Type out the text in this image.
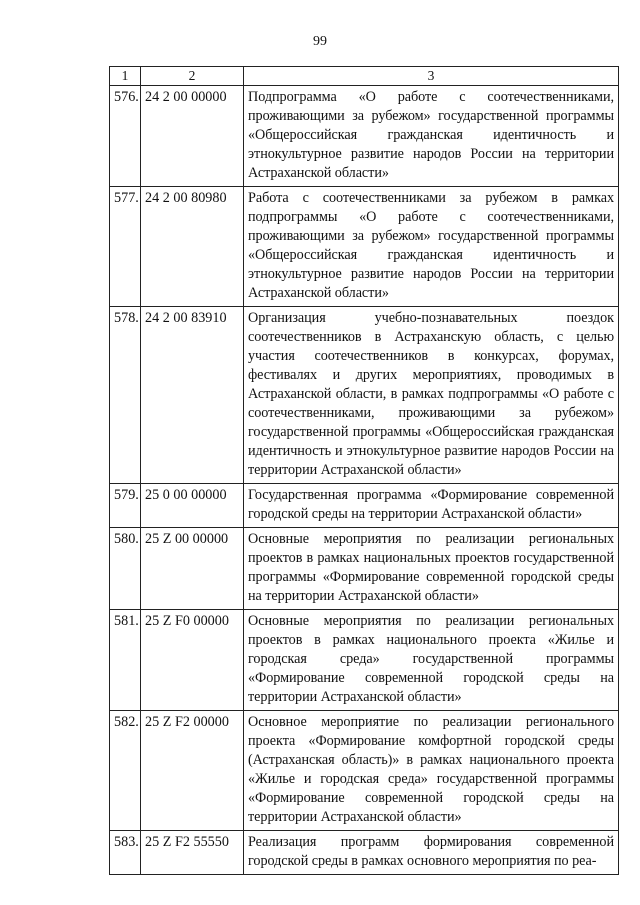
99
1	2	3
576.	24 2 00 00000	Подпрограмма «О работе с соотечественниками, проживающими за рубежом» государственной программы «Общероссийская гражданская идентичность и этнокультурное развитие народов России на территории Астраханской области»
577.	24 2 00 80980	Работа с соотечественниками за рубежом в рамках подпрограммы «О работе с соотечественниками, проживающими за рубежом» государственной программы «Общероссийская гражданская идентичность и этнокультурное развитие народов России на территории Астраханской области»
578.	24 2 00 83910	Организация учебно-познавательных поездок соотечественников в Астраханскую область, с целью участия соотечественников в конкурсах, форумах, фестивалях и других мероприятиях, проводимых в Астраханской области, в рамках подпрограммы «О работе с соотечественниками, проживающими за рубежом» государственной программы «Общероссийская гражданская идентичность и этнокультурное развитие народов России на территории Астраханской области»
579.	25 0 00 00000	Государственная программа «Формирование современной городской среды на территории Астраханской области»
580.	25 Z 00 00000	Основные мероприятия по реализации региональных проектов в рамках национальных проектов государственной программы «Формирование современной городской среды на территории Астраханской области»
581.	25 Z F0 00000	Основные мероприятия по реализации региональных проектов в рамках национального проекта «Жилье и городская среда» государственной программы «Формирование современной городской среды на территории Астраханской области»
582.	25 Z F2 00000	Основное мероприятие по реализации регионального проекта «Формирование комфортной городской среды (Астраханская область)» в рамках национального проекта «Жилье и городская среда» государственной программы «Формирование современной городской среды на территории Астраханской области»
583.	25 Z F2 55550	Реализация программ формирования современной городской среды в рамках основного мероприятия по реа-
